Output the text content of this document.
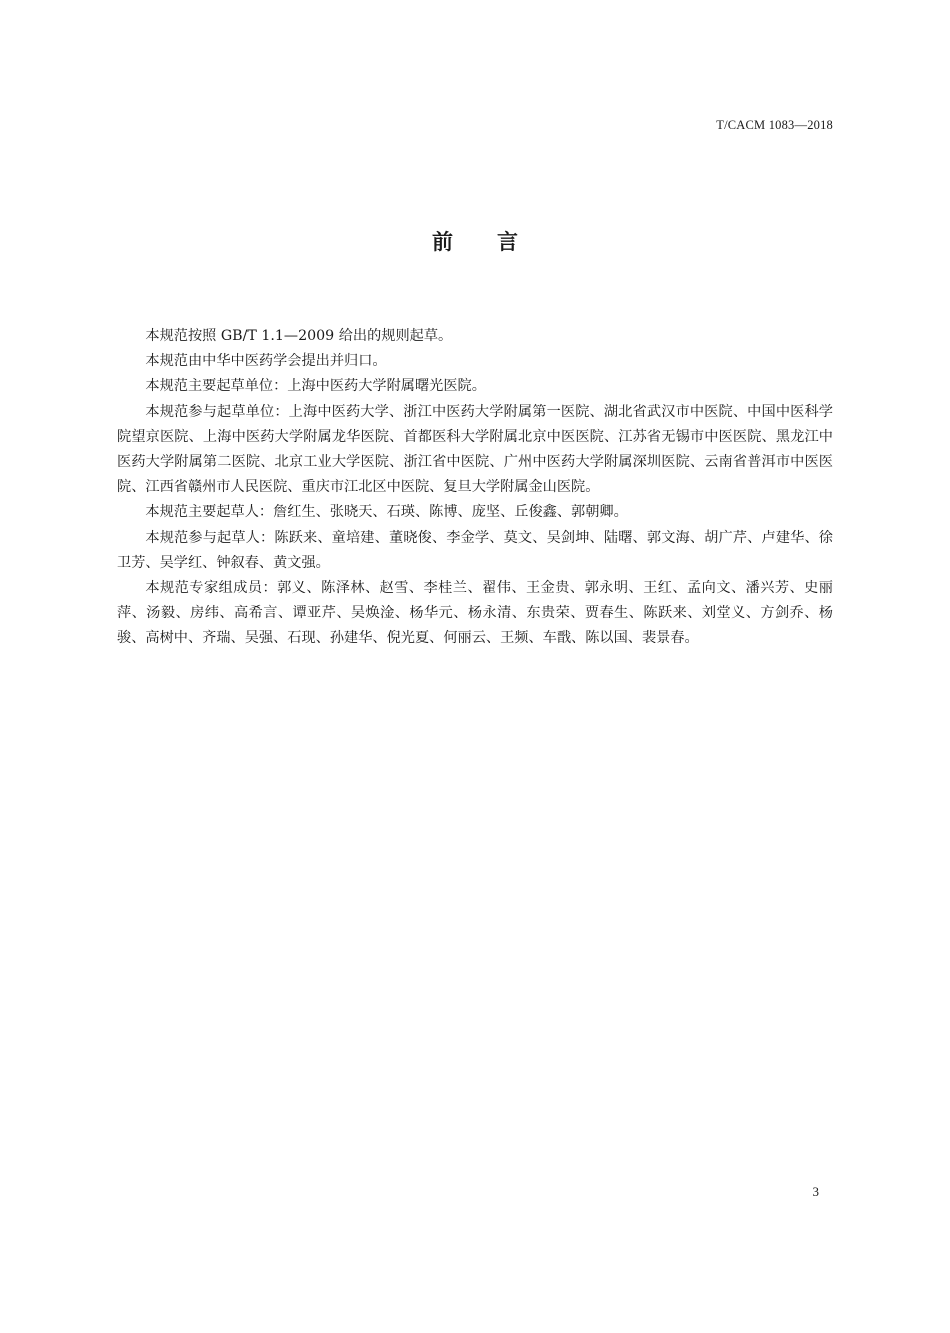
T/CACM 1083—2018
前言

本规范按照 GB/T 1.1—2009 给出的规则起草。

本规范由中华中医药学会提出并归口。

本规范主要起草单位：上海中医药大学附属曙光医院。

本规范参与起草单位：上海中医药大学、浙江中医药大学附属第一医院、湖北省武汉市中医院、中国中医科学院望京医院、上海中医药大学附属龙华医院、首都医科大学附属北京中医医院、江苏省无锡市中医医院、黑龙江中医药大学附属第二医院、北京工业大学医院、浙江省中医院、广州中医药大学附属深圳医院、云南省普洱市中医医院、江西省赣州市人民医院、重庆市江北区中医院、复旦大学附属金山医院。

本规范主要起草人：詹红生、张晓天、石瑛、陈博、庞坚、丘俊鑫、郭朝卿。

本规范参与起草人：陈跃来、童培建、董晓俊、李金学、莫文、吴剑坤、陆曙、郭文海、胡广芹、卢建华、徐卫芳、吴学红、钟叙春、黄文强。

本规范专家组成员：郭义、陈泽林、赵雪、李桂兰、翟伟、王金贵、郭永明、王红、孟向文、潘兴芳、史丽萍、汤毅、房纬、高希言、谭亚芹、吴焕淦、杨华元、杨永清、东贵荣、贾春生、陈跃来、刘堂义、方剑乔、杨骏、高树中、齐瑞、吴强、石现、孙建华、倪光夏、何丽云、王频、车戬、陈以国、裴景春。

3
